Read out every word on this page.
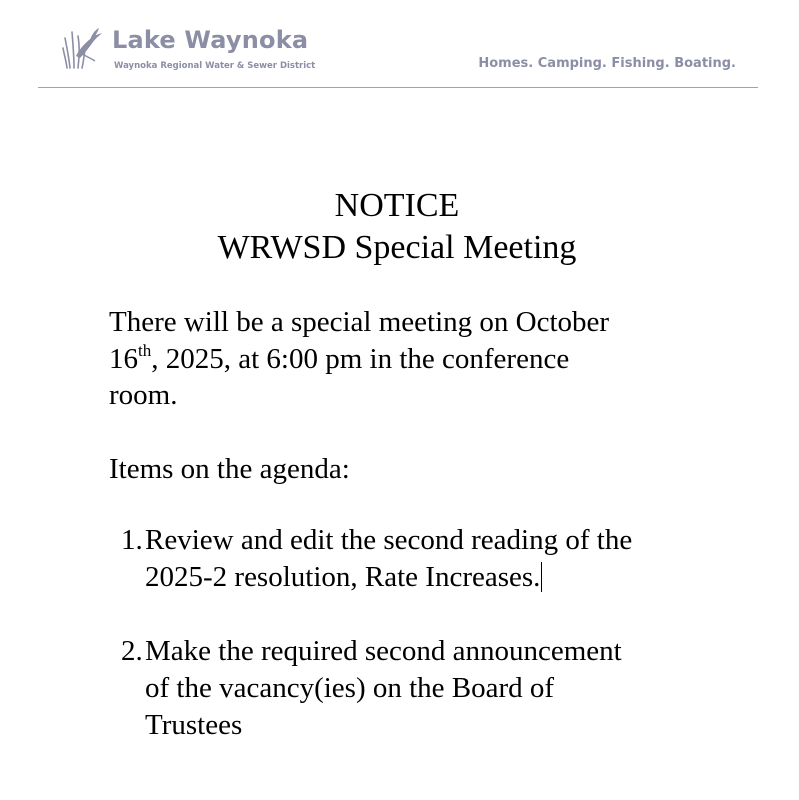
Lake Waynoka
Waynoka Regional Water & Sewer District	Homes. Camping. Fishing. Boating.
NOTICE
WRWSD Special Meeting
There will be a special meeting on October
16th, 2025, at 6:00 pm in the conference
room.
Items on the agenda:
1. Review and edit the second reading of the
2025-2 resolution, Rate Increases.
2. Make the required second announcement
of the vacancy(ies) on the Board of
Trustees
